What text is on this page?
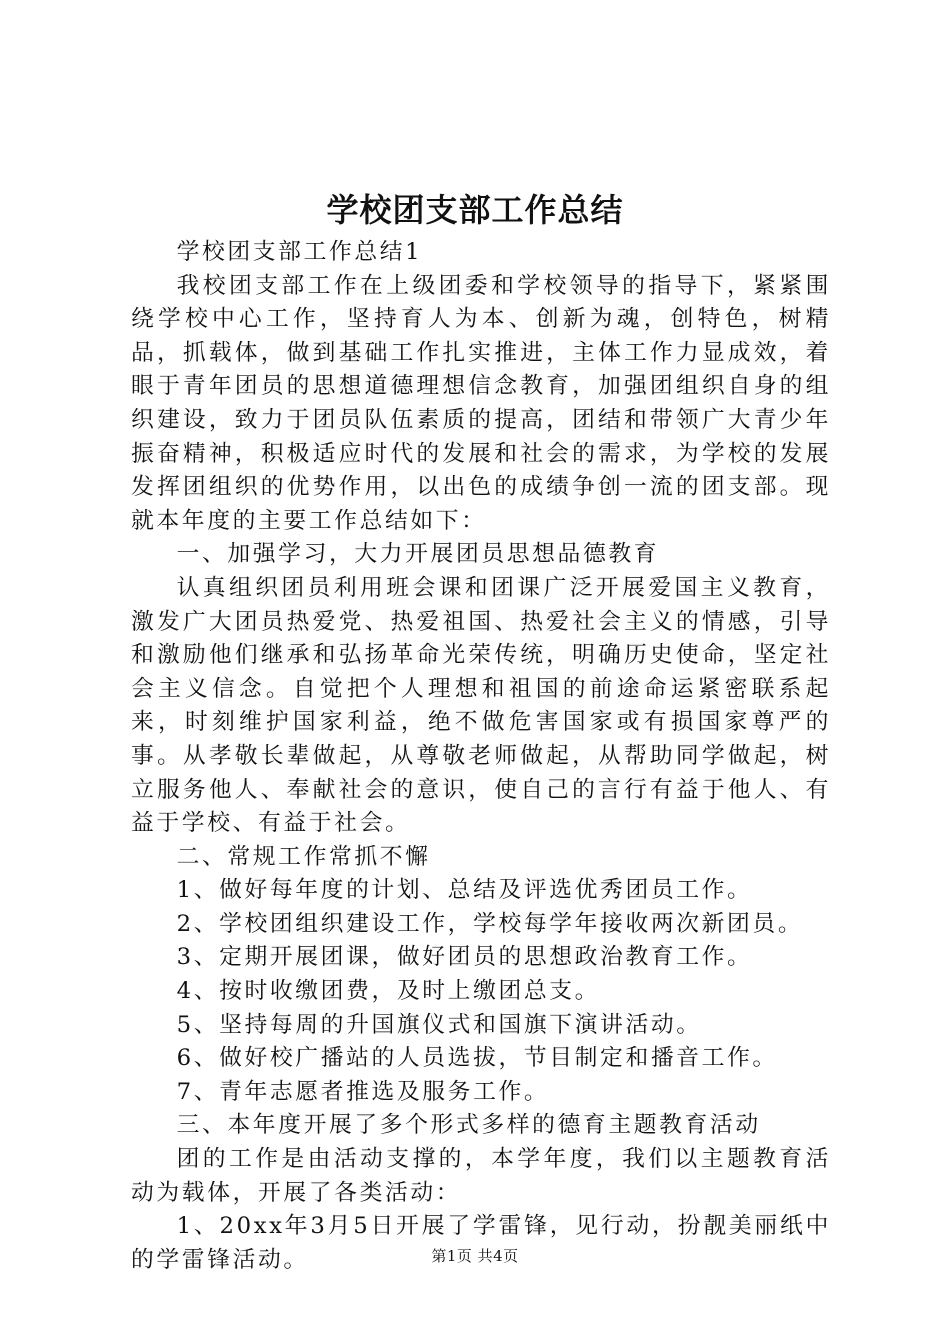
学校团支部工作总结

学校团支部工作总结1

我校团支部工作在上级团委和学校领导的指导下，紧紧围绕学校中心工作，坚持育人为本、创新为魂，创特色，树精品，抓载体，做到基础工作扎实推进，主体工作力显成效，着眼于青年团员的思想道德理想信念教育，加强团组织自身的组织建设，致力于团员队伍素质的提高，团结和带领广大青少年振奋精神，积极适应时代的发展和社会的需求，为学校的发展发挥团组织的优势作用，以出色的成绩争创一流的团支部。现就本年度的主要工作总结如下：

一、加强学习，大力开展团员思想品德教育

认真组织团员利用班会课和团课广泛开展爱国主义教育，激发广大团员热爱党、热爱祖国、热爱社会主义的情感，引导和激励他们继承和弘扬革命光荣传统，明确历史使命，坚定社会主义信念。自觉把个人理想和祖国的前途命运紧密联系起来，时刻维护国家利益，绝不做危害国家或有损国家尊严的事。从孝敬长辈做起，从尊敬老师做起，从帮助同学做起，树立服务他人、奉献社会的意识，使自己的言行有益于他人、有益于学校、有益于社会。

二、常规工作常抓不懈

1、做好每年度的计划、总结及评选优秀团员工作。

2、学校团组织建设工作，学校每学年接收两次新团员。

3、定期开展团课，做好团员的思想政治教育工作。

4、按时收缴团费，及时上缴团总支。

5、坚持每周的升国旗仪式和国旗下演讲活动。

6、做好校广播站的人员选拔，节目制定和播音工作。

7、青年志愿者推选及服务工作。

三、本年度开展了多个形式多样的德育主题教育活动

团的工作是由活动支撑的，本学年度，我们以主题教育活动为载体，开展了各类活动：

1、20xx年3月5日开展了学雷锋，见行动，扮靓美丽纸中的学雷锋活动。	第1页 共4页
